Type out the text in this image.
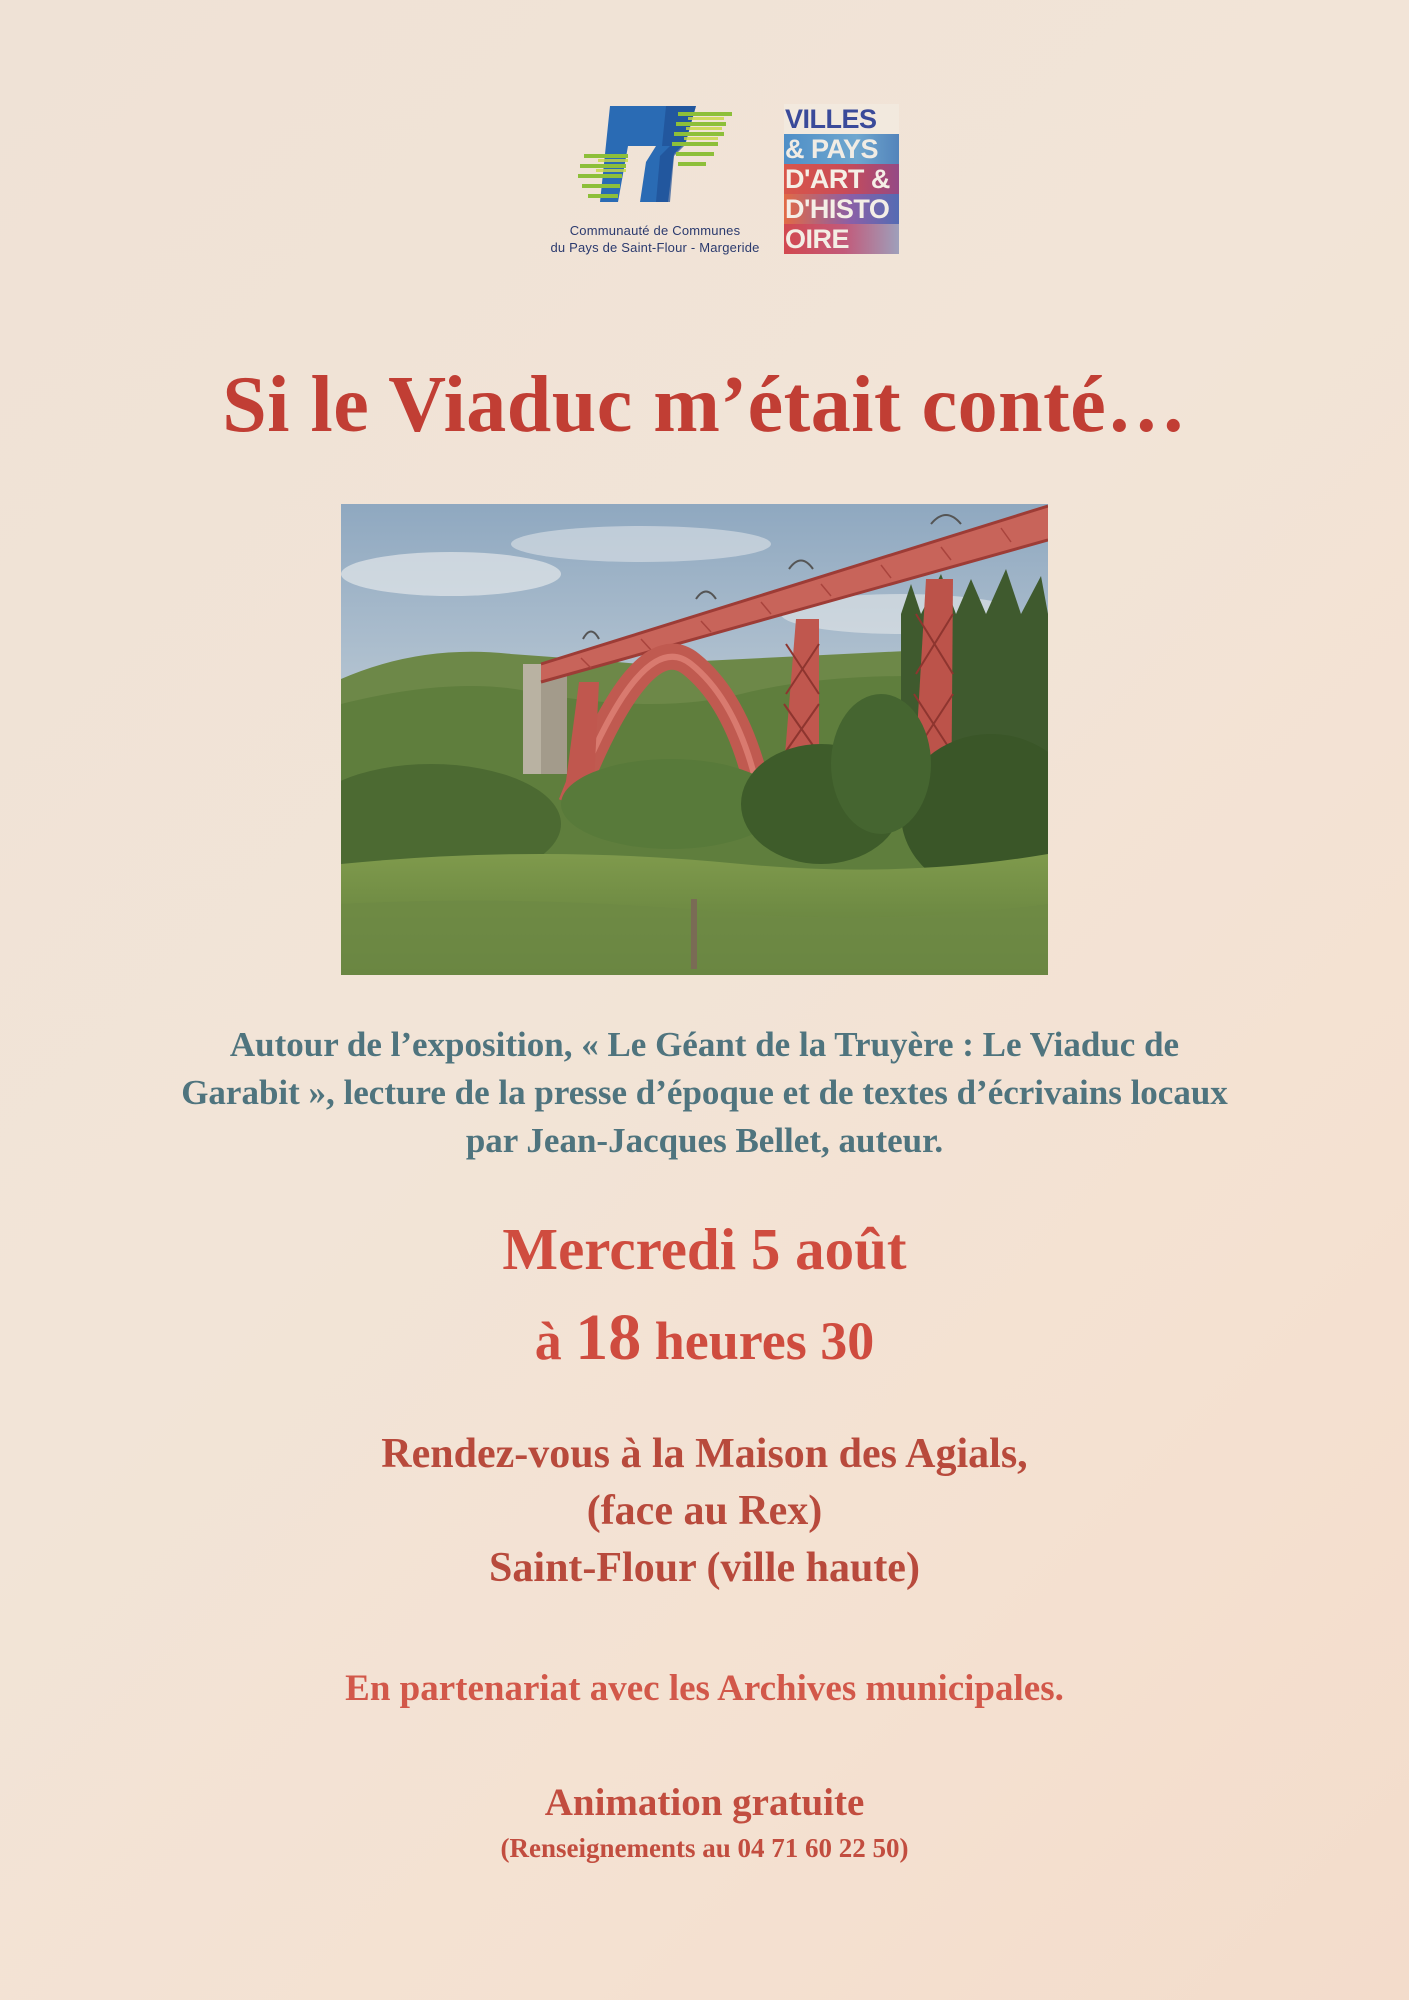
Communauté de Communes
du Pays de Saint-Flour - Margeride
VILLES
& PAYS
D'ART &
D'HISTO
OIRE
Si le Viaduc m’était conté…
Autour de l’exposition, « Le Géant de la Truyère : Le Viaduc de
Garabit », lecture de la presse d’époque et de textes d’écrivains locaux
par Jean-Jacques Bellet, auteur.
Mercredi 5 août
à 18 heures 30
Rendez-vous à la Maison des Agials,
(face au Rex)
Saint-Flour (ville haute)
En partenariat avec les Archives municipales.
Animation gratuite
(Renseignements au 04 71 60 22 50)
